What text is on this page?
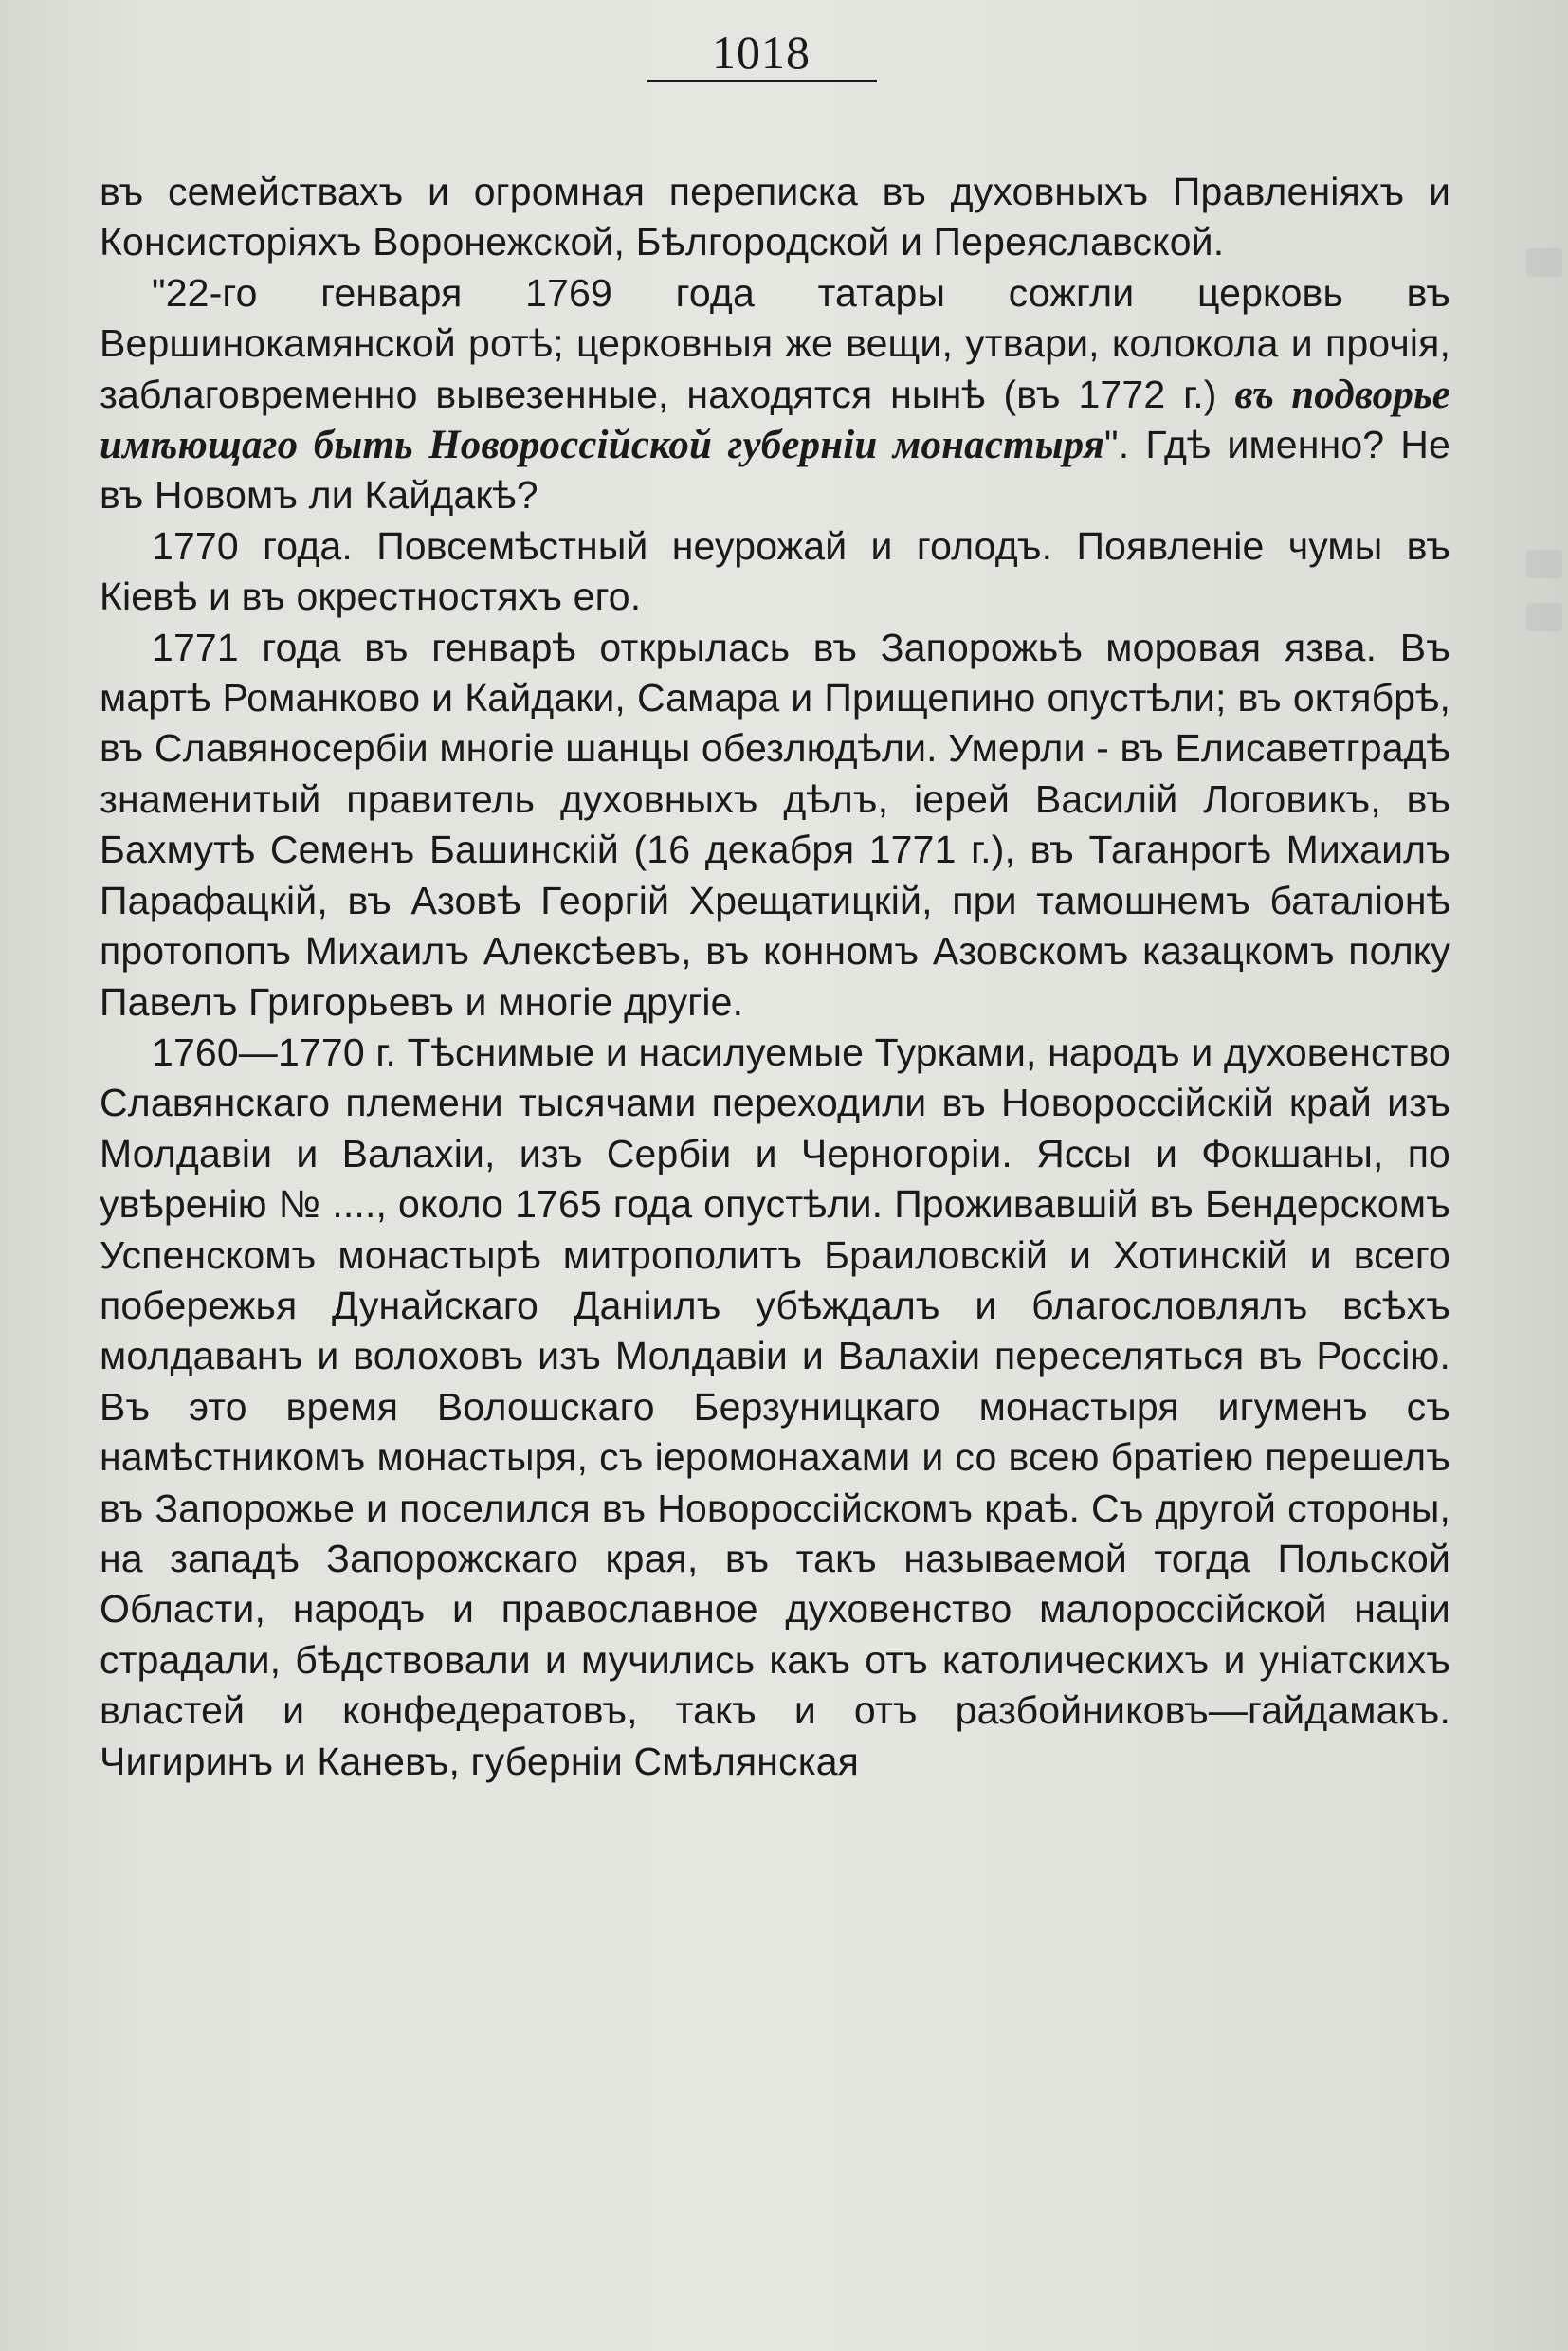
1018

въ семействахъ и огромная переписка въ духовныхъ Правленіяхъ и Консисторіяхъ Воронежской, Бѣлгородской и Переяславской.

"22-го генваря 1769 года татары сожгли церковь въ Вершинокамянской ротѣ; церковныя же вещи, утвари, колокола и прочія, заблаговременно вывезенные, находятся нынѣ (въ 1772 г.) въ подворье имѣющаго быть Новороссійской губерніи монастыря". Гдѣ именно? Не въ Новомъ ли Кайдакѣ?

1770 года. Повсемѣстный неурожай и голодъ. Появленіе чумы въ Кіевѣ и въ окрестностяхъ его.

1771 года въ генварѣ открылась въ Запорожьѣ моровая язва. Въ мартѣ Романково и Кайдаки, Самара и Прищепино опустѣли; въ октябрѣ, въ Славяносербіи многіе шанцы обезлюдѣли. Умерли - въ Елисаветградѣ знаменитый правитель духовныхъ дѣлъ, іерей Василій Логовикъ, въ Бахмутѣ Семенъ Башинскій (16 декабря 1771 г.), въ Таганрогѣ Михаилъ Парафацкій, въ Азовѣ Георгій Хрещатицкій, при тамошнемъ баталіонѣ протопопъ Михаилъ Алексѣевъ, въ конномъ Азовскомъ казацкомъ полку Павелъ Григорьевъ и многіе другіе.

1760—1770 г. Тѣснимые и насилуемые Турками, народъ и духовенство Славянскаго племени тысячами переходили въ Новороссійскій край изъ Молдавіи и Валахіи, изъ Сербіи и Черногоріи. Яссы и Фокшаны, по увѣренію № ...., около 1765 года опустѣли. Проживавшій въ Бендерскомъ Успенскомъ монастырѣ митрополитъ Браиловскій и Хотинскій и всего побережья Дунайскаго Даніилъ убѣждалъ и благословлялъ всѣхъ молдаванъ и волоховъ изъ Молдавіи и Валахіи переселяться въ Россію. Въ это время Волошскаго Берзуницкаго монастыря игуменъ съ намѣстникомъ монастыря, съ іеромонахами и со всею братіею перешелъ въ Запорожье и поселился въ Новороссійскомъ краѣ. Съ другой стороны, на западѣ Запорожскаго края, въ такъ называемой тогда Польской Области, народъ и православное духовенство малороссійской націи страдали, бѣдствовали и мучились какъ отъ католическихъ и уніатскихъ властей и конфедератовъ, такъ и отъ разбойниковъ—гайдамакъ. Чигиринъ и Каневъ, губерніи Смѣлянская
